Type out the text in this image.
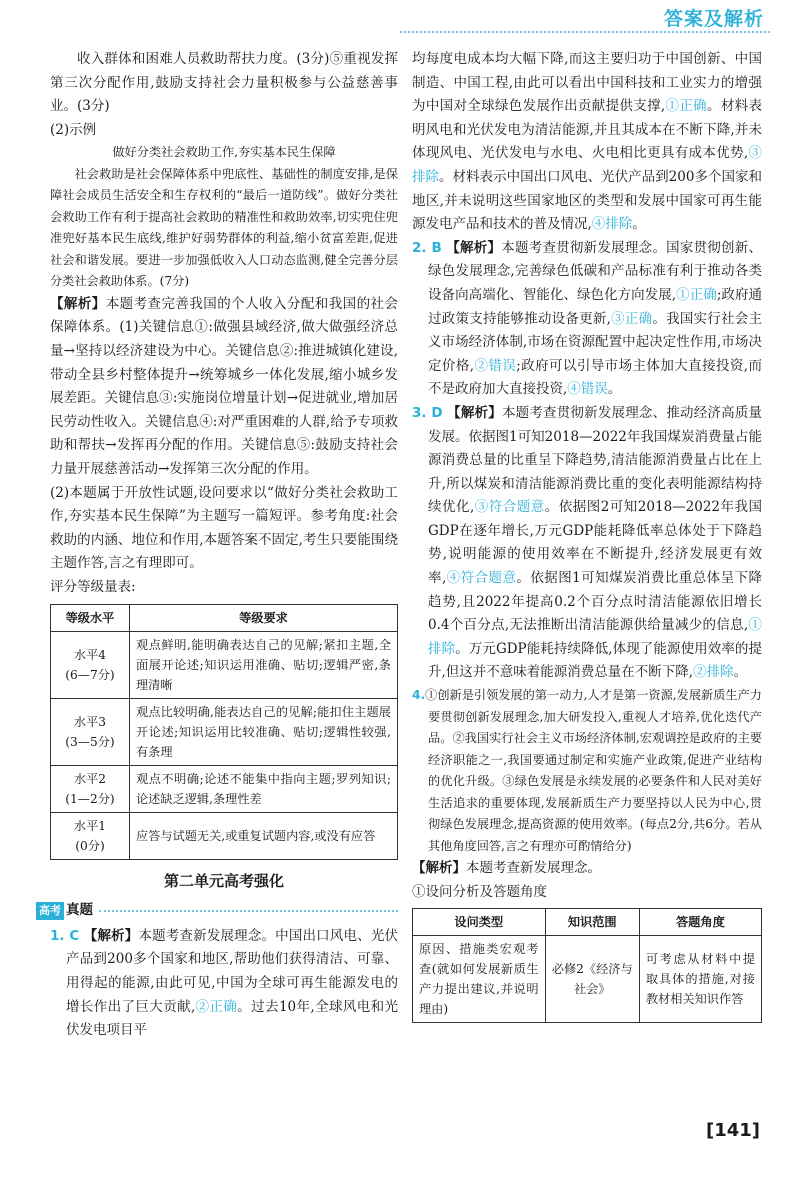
答案及解析

收入群体和困难人员救助帮扶力度。(3分)⑤重视发挥第三次分配作用,鼓励支持社会力量积极参与公益慈善事业。(3分)

(2)示例

做好分类社会救助工作,夯实基本民生保障

社会救助是社会保障体系中兜底性、基础性的制度安排,是保障社会成员生活安全和生存权利的“最后一道防线”。做好分类社会救助工作有利于提高社会救助的精准性和救助效率,切实兜住兜准兜好基本民生底线,维护好弱势群体的利益,缩小贫富差距,促进社会和谐发展。要进一步加强低收入人口动态监测,健全完善分层分类社会救助体系。(7分)

【解析】本题考查完善我国的个人收入分配和我国的社会保障体系。(1)关键信息①:做强县域经济,做大做强经济总量→坚持以经济建设为中心。关键信息②:推进城镇化建设,带动全县乡村整体提升→统筹城乡一体化发展,缩小城乡发展差距。关键信息③:实施岗位增量计划→促进就业,增加居民劳动性收入。关键信息④:对严重困难的人群,给予专项救助和帮扶→发挥再分配的作用。关键信息⑤:鼓励支持社会力量开展慈善活动→发挥第三次分配的作用。

(2)本题属于开放性试题,设问要求以“做好分类社会救助工作,夯实基本民生保障”为主题写一篇短评。参考角度:社会救助的内涵、地位和作用,本题答案不固定,考生只要能围绕主题作答,言之有理即可。

评分等级量表:

等级水平	等级要求
水平4
(6—7分)	观点鲜明,能明确表达自己的见解;紧扣主题,全面展开论述;知识运用准确、贴切;逻辑严密,条理清晰
水平3
(3—5分)	观点比较明确,能表达自己的见解;能扣住主题展开论述;知识运用比较准确、贴切;逻辑性较强,有条理
水平2
(1—2分)	观点不明确;论述不能集中指向主题;罗列知识;论述缺乏逻辑,条理性差
水平1
(0分)	应答与试题无关,或重复试题内容,或没有应答
第二单元高考强化
高考 真题

1. C 【解析】本题考查新发展理念。中国出口风电、光伏产品到200多个国家和地区,帮助他们获得清洁、可靠、用得起的能源,由此可见,中国为全球可再生能源发电的增长作出了巨大贡献,②正确。过去10年,全球风电和光伏发电项目平

均每度电成本均大幅下降,而这主要归功于中国创新、中国制造、中国工程,由此可以看出中国科技和工业实力的增强为中国对全球绿色发展作出贡献提供支撑,①正确。材料表明风电和光伏发电为清洁能源,并且其成本在不断下降,并未体现风电、光伏发电与水电、火电相比更具有成本优势,③排除。材料表示中国出口风电、光伏产品到200多个国家和地区,并未说明这些国家地区的类型和发展中国家可再生能源发电产品和技术的普及情况,④排除。

2. B 【解析】本题考查贯彻新发展理念。国家贯彻创新、绿色发展理念,完善绿色低碳和产品标准有利于推动各类设备向高端化、智能化、绿色化方向发展,①正确;政府通过政策支持能够推动设备更新,③正确。我国实行社会主义市场经济体制,市场在资源配置中起决定性作用,市场决定价格,②错误;政府可以引导市场主体加大直接投资,而不是政府加大直接投资,④错误。

3. D 【解析】本题考查贯彻新发展理念、推动经济高质量发展。依据图1可知2018—2022年我国煤炭消费量占能源消费总量的比重呈下降趋势,清洁能源消费量占比在上升,所以煤炭和清洁能源消费比重的变化表明能源结构持续优化,③符合题意。依据图2可知2018—2022年我国GDP在逐年增长,万元GDP能耗降低率总体处于下降趋势,说明能源的使用效率在不断提升,经济发展更有效率,④符合题意。依据图1可知煤炭消费比重总体呈下降趋势,且2022年提高0.2个百分点时清洁能源依旧增长0.4个百分点,无法推断出清洁能源供给量减少的信息,①排除。万元GDP能耗持续降低,体现了能源使用效率的提升,但这并不意味着能源消费总量在不断下降,②排除。

4.①创新是引领发展的第一动力,人才是第一资源,发展新质生产力要贯彻创新发展理念,加大研发投入,重视人才培养,优化迭代产品。②我国实行社会主义市场经济体制,宏观调控是政府的主要经济职能之一,我国要通过制定和实施产业政策,促进产业结构的优化升级。③绿色发展是永续发展的必要条件和人民对美好生活追求的重要体现,发展新质生产力要坚持以人民为中心,贯彻绿色发展理念,提高资源的使用效率。(每点2分,共6分。若从其他角度回答,言之有理亦可酌情给分)

【解析】本题考查新发展理念。

①设问分析及答题角度

设问类型	知识范围	答题角度
原因、措施类宏观考查(就如何发展新质生产力提出建议,并说明理由)	必修2《经济与社会》	可考虑从材料中提取具体的措施,对接教材相关知识作答
[141]
